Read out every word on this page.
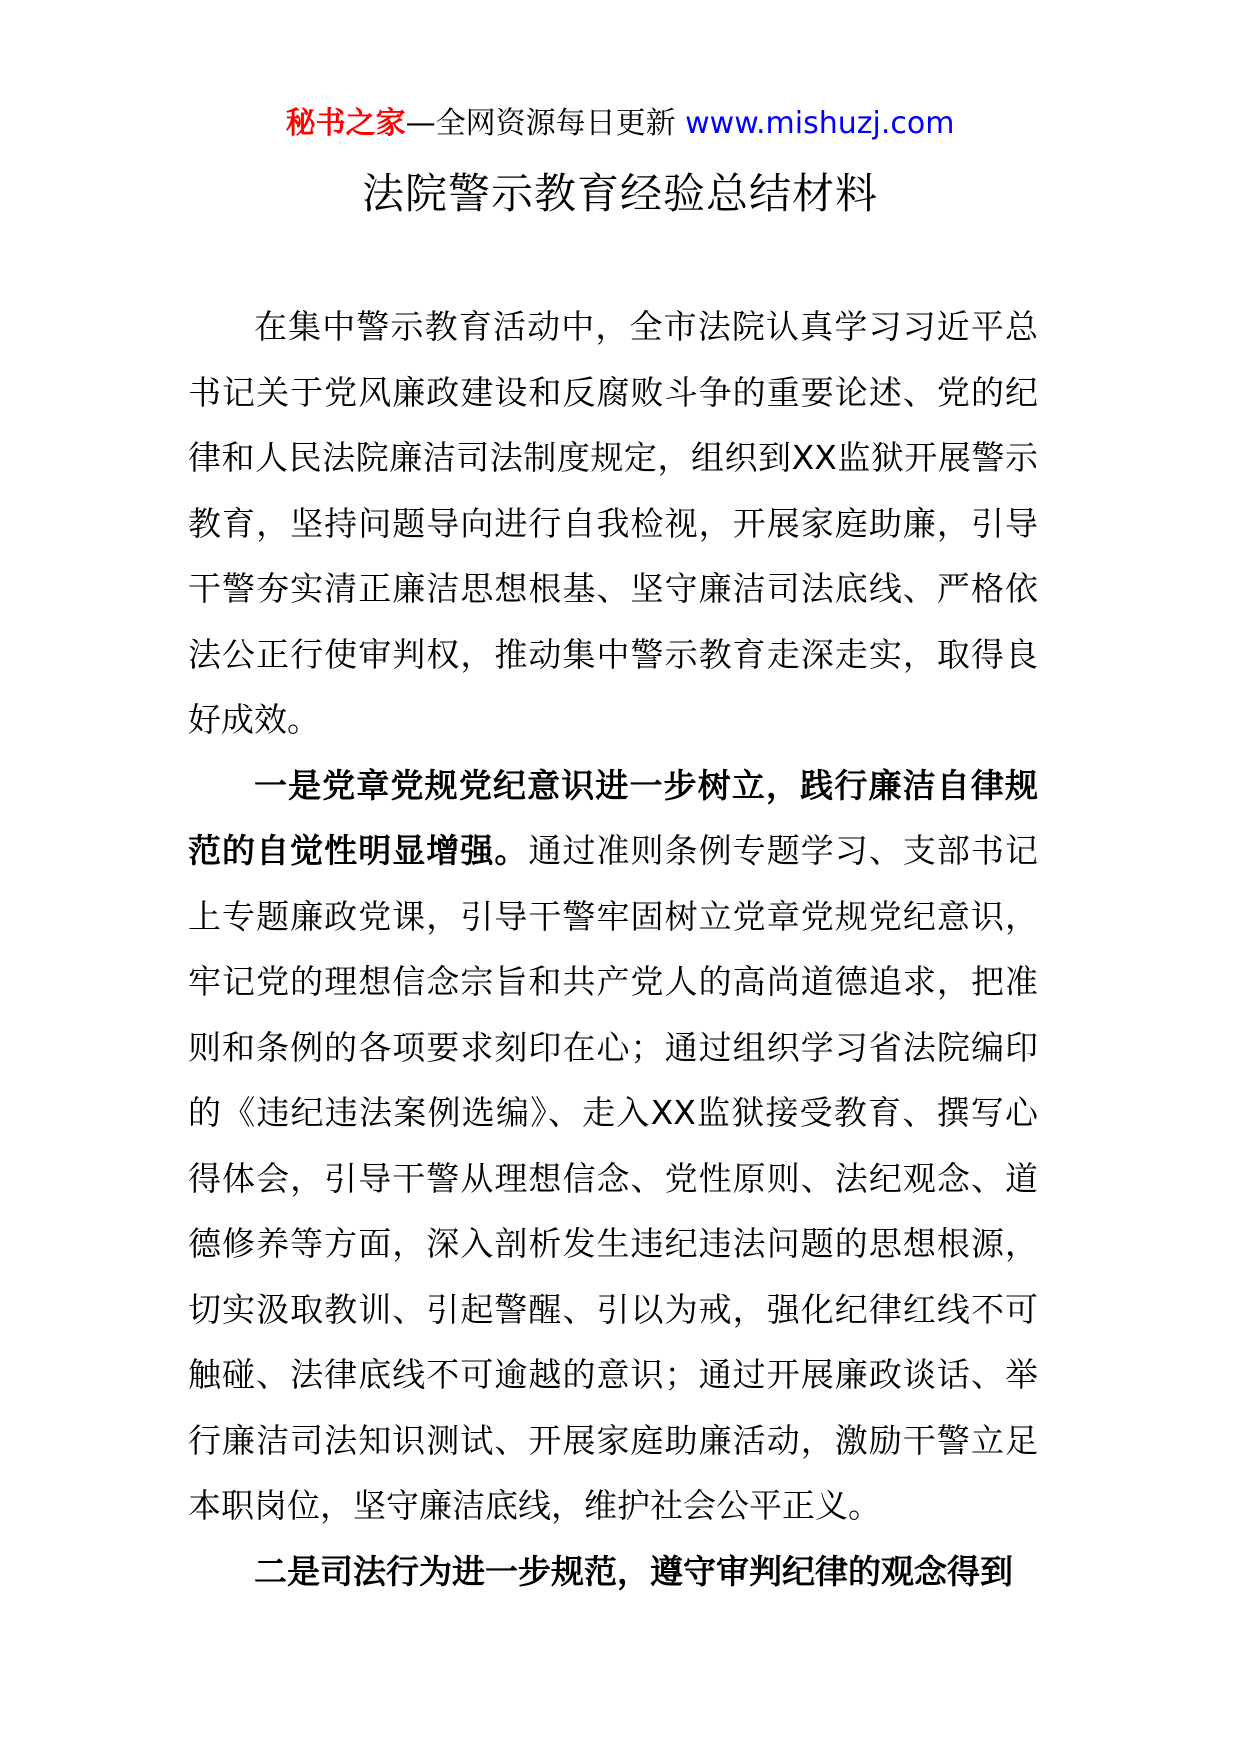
秘书之家—全网资源每日更新 www.mishuzj.com
法院警示教育经验总结材料

在集中警示教育活动中，全市法院认真学习习近平总书记关于党风廉政建设和反腐败斗争的重要论述、党的纪律和人民法院廉洁司法制度规定，组织到XX监狱开展警示教育，坚持问题导向进行自我检视，开展家庭助廉，引导干警夯实清正廉洁思想根基、坚守廉洁司法底线、严格依法公正行使审判权，推动集中警示教育走深走实，取得良好成效。

一是党章党规党纪意识进一步树立，践行廉洁自律规范的自觉性明显增强。通过准则条例专题学习、支部书记上专题廉政党课，引导干警牢固树立党章党规党纪意识，牢记党的理想信念宗旨和共产党人的高尚道德追求，把准则和条例的各项要求刻印在心；通过组织学习省法院编印的《违纪违法案例选编》、走入XX监狱接受教育、撰写心得体会，引导干警从理想信念、党性原则、法纪观念、道德修养等方面，深入剖析发生违纪违法问题的思想根源，切实汲取教训、引起警醒、引以为戒，强化纪律红线不可触碰、法律底线不可逾越的意识；通过开展廉政谈话、举行廉洁司法知识测试、开展家庭助廉活动，激励干警立足本职岗位，坚守廉洁底线，维护社会公平正义。

二是司法行为进一步规范，遵守审判纪律的观念得到
